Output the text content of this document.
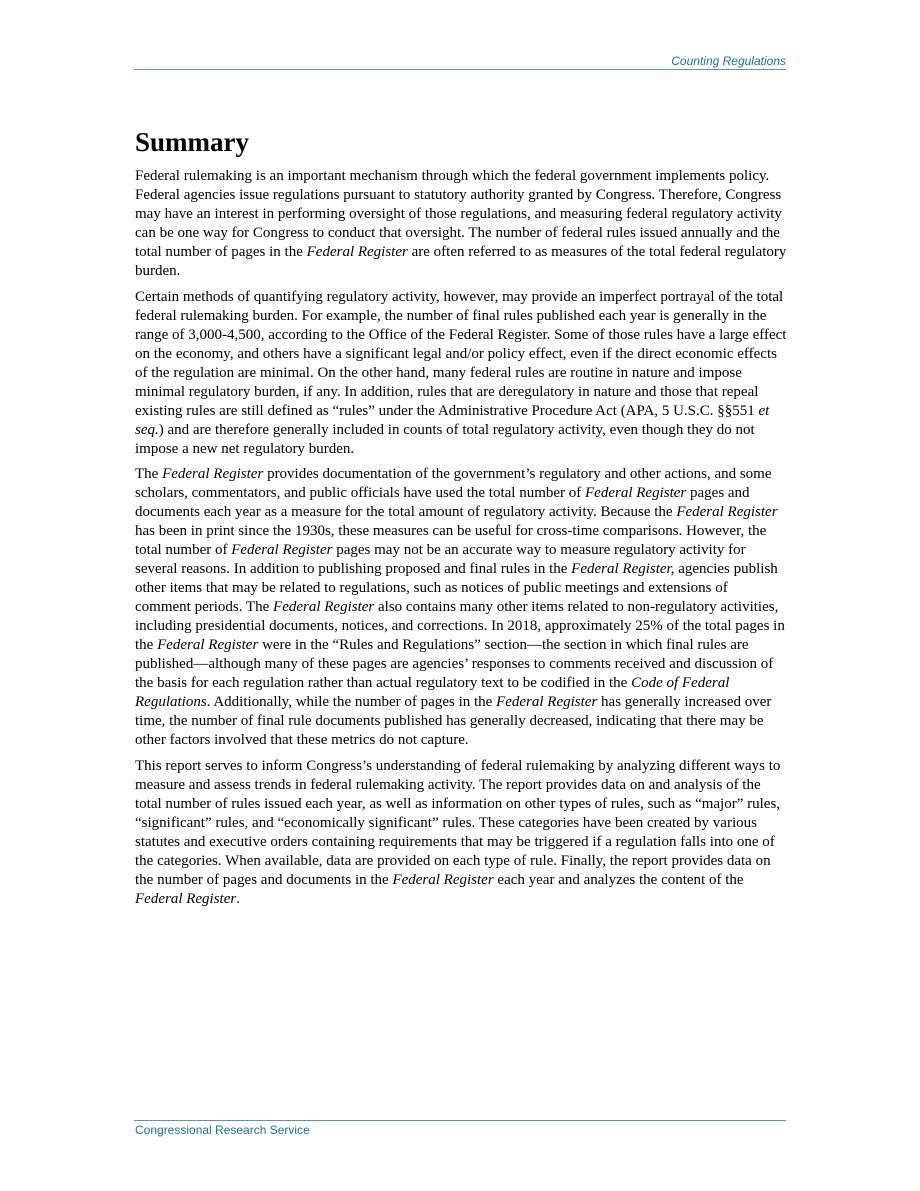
Counting Regulations
Summary

Federal rulemaking is an important mechanism through which the federal government implements policy. Federal agencies issue regulations pursuant to statutory authority granted by Congress. Therefore, Congress may have an interest in performing oversight of those regulations, and measuring federal regulatory activity can be one way for Congress to conduct that oversight. The number of federal rules issued annually and the total number of pages in the Federal Register are often referred to as measures of the total federal regulatory burden.

Certain methods of quantifying regulatory activity, however, may provide an imperfect portrayal of the total federal rulemaking burden. For example, the number of final rules published each year is generally in the range of 3,000-4,500, according to the Office of the Federal Register. Some of those rules have a large effect on the economy, and others have a significant legal and/or policy effect, even if the direct economic effects of the regulation are minimal. On the other hand, many federal rules are routine in nature and impose minimal regulatory burden, if any. In addition, rules that are deregulatory in nature and those that repeal existing rules are still defined as “rules” under the Administrative Procedure Act (APA, 5 U.S.C. §§551 et seq.) and are therefore generally included in counts of total regulatory activity, even though they do not impose a new net regulatory burden.

The Federal Register provides documentation of the government’s regulatory and other actions, and some scholars, commentators, and public officials have used the total number of Federal Register pages and documents each year as a measure for the total amount of regulatory activity. Because the Federal Register has been in print since the 1930s, these measures can be useful for cross-time comparisons. However, the total number of Federal Register pages may not be an accurate way to measure regulatory activity for several reasons. In addition to publishing proposed and final rules in the Federal Register, agencies publish other items that may be related to regulations, such as notices of public meetings and extensions of comment periods. The Federal Register also contains many other items related to non-regulatory activities, including presidential documents, notices, and corrections. In 2018, approximately 25% of the total pages in the Federal Register were in the “Rules and Regulations” section—the section in which final rules are published—although many of these pages are agencies’ responses to comments received and discussion of the basis for each regulation rather than actual regulatory text to be codified in the Code of Federal Regulations. Additionally, while the number of pages in the Federal Register has generally increased over time, the number of final rule documents published has generally decreased, indicating that there may be other factors involved that these metrics do not capture.

This report serves to inform Congress’s understanding of federal rulemaking by analyzing different ways to measure and assess trends in federal rulemaking activity. The report provides data on and analysis of the total number of rules issued each year, as well as information on other types of rules, such as “major” rules, “significant” rules, and “economically significant” rules. These categories have been created by various statutes and executive orders containing requirements that may be triggered if a regulation falls into one of the categories. When available, data are provided on each type of rule. Finally, the report provides data on the number of pages and documents in the Federal Register each year and analyzes the content of the Federal Register.

Congressional Research Service
